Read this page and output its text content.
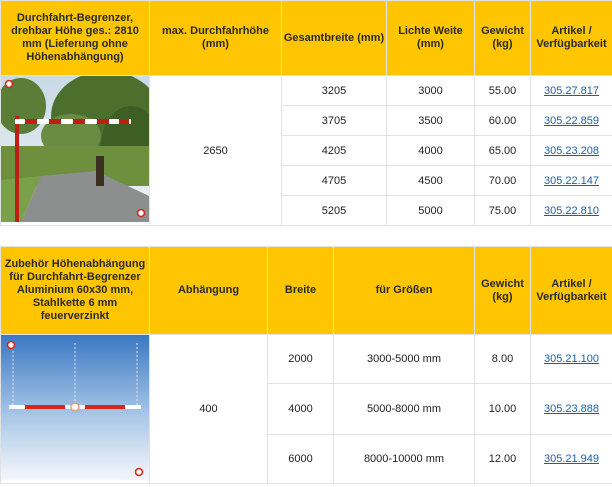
Durchfahrt-Begrenzer, drehbar Höhe ges.: 2810 mm (Lieferung ohne Höhenabhängung)	max. Durchfahrhöhe (mm)	Gesamtbreite (mm)	Lichte Weite (mm)	Gewicht (kg)	Artikel / Verfügbarkeit
	2650	3205	3000	55.00	305.27.817
		3705	3500	60.00	305.22.859
		4205	4000	65.00	305.23.208
		4705	4500	70.00	305.22.147
		5205	5000	75.00	305.22.810
Zubehör Höhenabhängung für Durchfahrt-Begrenzer Aluminium 60x30 mm, Stahlkette 6 mm feuerverzinkt	Abhängung	Breite	für Größen	Gewicht (kg)	Artikel / Verfügbarkeit
	400	2000	3000-5000 mm	8.00	305.21.100
		4000	5000-8000 mm	10.00	305.23.888
		6000	8000-10000 mm	12.00	305.21.949
